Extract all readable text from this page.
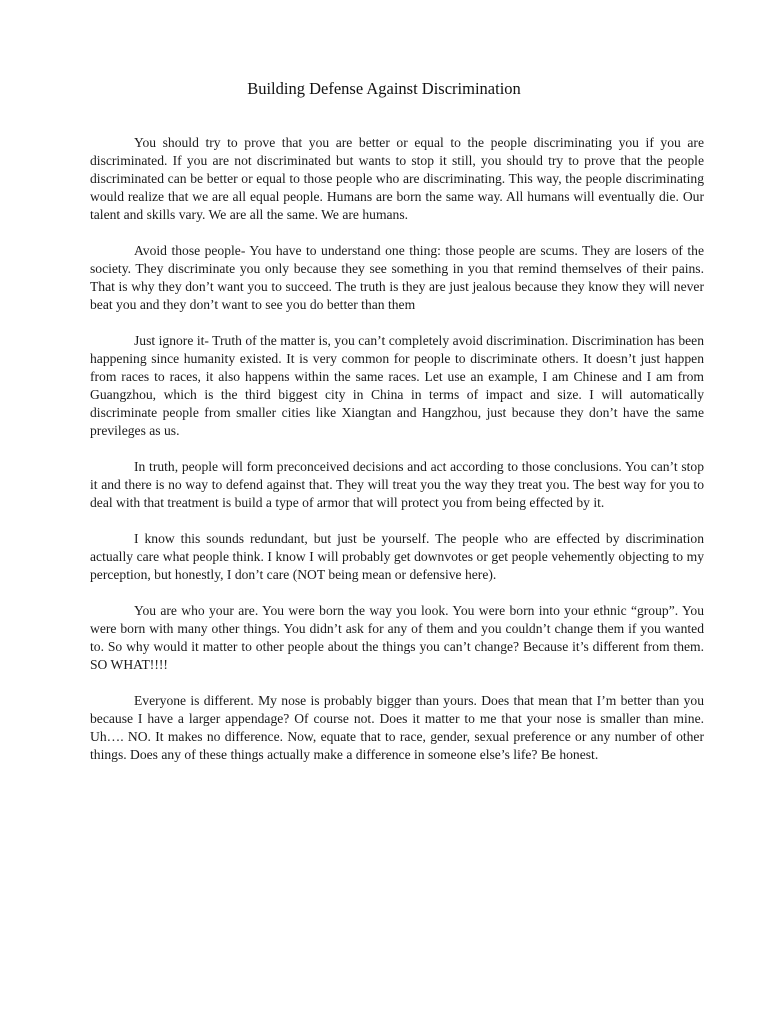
Building Defense Against Discrimination

You should try to prove that you are better or equal to the people discriminating you if you are discriminated. If you are not discriminated but wants to stop it still, you should try to prove that the people discriminated can be better or equal to those people who are discriminating. This way, the people discriminating would realize that we are all equal people. Humans are born the same way. All humans will eventually die. Our talent and skills vary. We are all the same. We are humans.

Avoid those people- You have to understand one thing: those people are scums. They are losers of the society. They discriminate you only because they see something in you that remind themselves of their pains. That is why they don’t want you to succeed. The truth is they are just jealous because they know they will never beat you and they don’t want to see you do better than them

Just ignore it- Truth of the matter is, you can’t completely avoid discrimination. Discrimination has been happening since humanity existed. It is very common for people to discriminate others. It doesn’t just happen from races to races, it also happens within the same races. Let use an example, I am Chinese and I am from Guangzhou, which is the third biggest city in China in terms of impact and size. I will automatically discriminate people from smaller cities like Xiangtan and Hangzhou, just because they don’t have the same previleges as us.

In truth, people will form preconceived decisions and act according to those conclusions. You can’t stop it and there is no way to defend against that. They will treat you the way they treat you. The best way for you to deal with that treatment is build a type of armor that will protect you from being effected by it.

I know this sounds redundant, but just be yourself. The people who are effected by discrimination actually care what people think. I know I will probably get downvotes or get people vehemently objecting to my perception, but honestly, I don’t care (NOT being mean or defensive here).

You are who your are. You were born the way you look. You were born into your ethnic “group”. You were born with many other things. You didn’t ask for any of them and you couldn’t change them if you wanted to. So why would it matter to other people about the things you can’t change? Because it’s different from them. SO WHAT!!!!

Everyone is different. My nose is probably bigger than yours. Does that mean that I’m better than you because I have a larger appendage? Of course not. Does it matter to me that your nose is smaller than mine. Uh…. NO. It makes no difference. Now, equate that to race, gender, sexual preference or any number of other things. Does any of these things actually make a difference in someone else’s life? Be honest.
